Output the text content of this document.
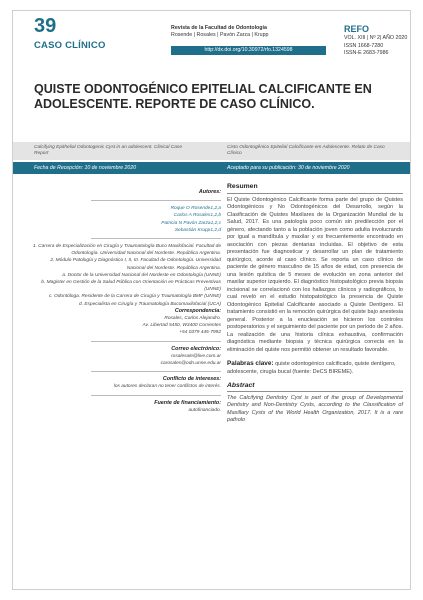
39
CASO CLÍNICO
Revista de la Facultad de Odontología
Rosende | Rosales | Pavón Zarza | Krupp
http://dx.doi.org/10.30972/rfo.1324598
REFO
VOL. XIII | Nº 2| AÑO 2020
ISSN 1668-7280
ISSN-E 2683-7986
QUISTE ODONTOGÉNICO EPITELIAL CALCIFICANTE EN ADOLESCENTE. REPORTE DE CASO CLÍNICO.
Calcifying Epithelial Odontogenic Cyst in an adolescent. Clinical Case Report
Cisto Odontogênico Epitelial Calcificante em Adolescente. Relato de Caso Clínico
Fecha de Recepción: 10 de noviembre 2020	Aceptado para su publicación: 30 de noviembre 2020

Autores:

Roque O Rosende1,2,a

Carlos A Rosales1,2,b

Patricia N Pavón Zarza1,2,c

Sebastián Krupp1,2,d

1. Carrera de Especialización en Cirugía y Traumatología Buco Maxilofacial. Facultad de Odontología. Universidad Nacional del Nordeste. República Argentina.

2. Módulo Patología y Diagnóstico I, II, III. Facultad de Odontología. Universidad Nacional del Nordeste. República Argentina.

a. Doctor de la Universidad Nacional del Nordeste en Odontología (UNNE)

b. Magister en Gestión de la Salud Pública con Orientación en Prácticas Preventivas (UNNE)

c. Odontóloga. Residente de la Carrera de Cirugía y Traumatología BMF (UNNE)

d. Especialista en Cirugía y Traumatología Bucomaxilofacial (UCA)

Correspondencia:

Rosales, Carlos Alejandro.

Av. Libertad 5450, W3400 Corrientes

+54 0379 445-7992

Correo electrónico:

rosalesale@live.com.ar

carosales@odn.unne.edu.ar

Conflicto de intereses:

los autores declaran no tener conflictos de interés.

Fuente de financiamiento:

autofinanciado.

Resumen

El Quiste Odontogénico Calcificante forma parte del grupo de Quistes Odontogénicos y No Odontogénicos del Desarrollo, según la Clasificación de Quistes Maxilares de la Organización Mundial de la Salud, 2017. Es una patología poco común sin predilección por el género, afectando tanto a la población joven como adulta involucrando por igual a mandíbula y maxilar y es frecuentemente encontrado en asociación con piezas dentarias incluidas. El objetivo de esta presentación fue diagnosticar y desarrollar un plan de tratamiento quirúrgico, acorde al caso clínico. Se reporta un caso clínico de paciente de género masculino de 15 años de edad, con presencia de una lesión quística de 5 meses de evolución en zona anterior del maxilar superior izquierdo. El diagnóstico histopatológico previa biopsia incisional se correlacionó con los hallazgos clínicos y radiográficos, lo cual reveló en el estudio histopatológico la presencia de Quiste Odontogénico Epitelial Calcificante asociado a Quiste Dentígero. El tratamiento consistió en la remoción quirúrgica del quiste bajo anestesia general. Posterior a la enucleación se hicieron los controles postoperatorios y el seguimiento del paciente por un periodo de 2 años. La realización de una historia clínica exhaustiva, confirmación diagnóstica mediante biopsia y técnica quirúrgica correcta en la eliminación del quiste nos permitió obtener un resultado favorable.

Palabras clave: quiste odontogénico calcificado, quiste dentígero, adolescente, cirugía bucal (fuente: DeCS BIREME).
Abstract

The Calcifying Dentistry Cyst is part of the group of Developmental Dentistry and Non-Dentistry Cysts, according to the Classification of Maxillary Cysts of the World Health Organization, 2017. It is a rare patholo
